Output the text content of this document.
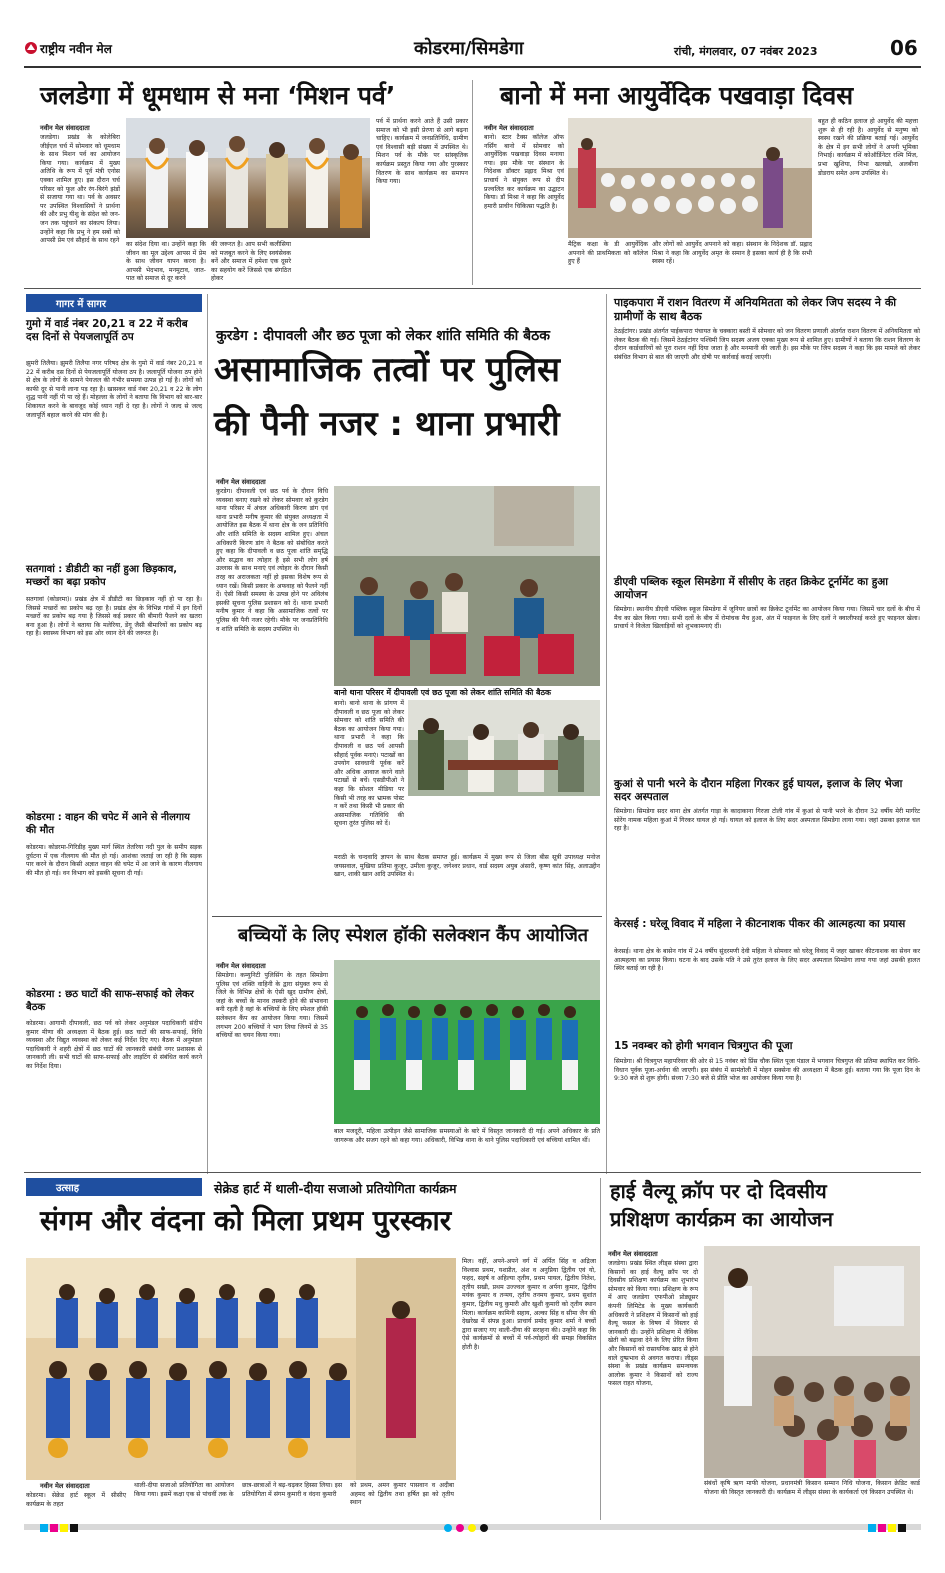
राष्ट्रीय नवीन मेल	कोडरमा/सिमडेगा	रांची, मंगलवार, 07 नवंबर 2023	06
जलडेगा में धूमधाम से मना ‘मिशन पर्व’
नवीन मेल संवाददाता
जलडेगा। प्रखंड के कोलेबिरा जीईएल चर्च में सोमवार को धूमधाम के साथ मिशन पर्व का आयोजन किया गया। कार्यक्रम में मुख्य अतिथि के रूप में पूर्व मंत्री एनोस एक्का शामिल हुए। इस दौरान चर्च परिसर को फूल और रंग-बिरंगे झंडों से सजाया गया था। पर्व के अवसर पर उपस्थित विश्वासियों ने प्रार्थना की और प्रभु यीशु के संदेश को जन-जन तक पहुंचाने का संकल्प लिया। उन्होंने कहा कि प्रभु ने हम सबों को आपसी प्रेम एवं सौहार्द के साथ रहने
का संदेश दिया था। उन्होंने कहा कि जीवन का मूल उद्देश्य आपस में प्रेम के साथ जीवन यापन करना है। आपसी भेदभाव, मनमुटाव, जात-पात को समाज से दूर करने
की जरूरत है। आप सभी कलीसिया को मजबूत करने के लिए स्वयंसेवक बनें और समाज में हमेशा एक दूसरे का सहयोग करें जिससे एक संगठित होकर
पर्व में प्रार्थना करने आते हैं उसी प्रकार समाज को भी इसी प्रेरणा से आगे बढ़ना चाहिए। कार्यक्रम में जनप्रतिनिधि, ग्रामीण एवं विश्वासी बड़ी संख्या में उपस्थित थे। मिशन पर्व के मौके पर सांस्कृतिक कार्यक्रम प्रस्तुत किया गया और पुरस्कार वितरण के साथ कार्यक्रम का समापन किया गया।
बानो में मना आयुर्वेदिक पखवाड़ा दिवस
नवीन मेल संवाददाता
बानो। स्टार टैक्स कॉलेज ऑफ नर्सिंग बानो में सोमवार को आयुर्वेदिक पखवाड़ा दिवस मनाया गया। इस मौके पर संस्थान के निदेशक डॉक्टर प्रह्लाद मिश्रा एवं प्राचार्य ने संयुक्त रूप से दीप प्रज्वलित कर कार्यक्रम का उद्घाटन किया। डॉ मिश्रा ने कहा कि आयुर्वेद हमारी प्राचीन चिकित्सा पद्धति है।
मैट्रिक कक्षा के डी आयुर्वेदिक अपनाने की प्राथमिकता को कॉलेज हुए हैं
और लोगों को आयुर्वेद अपनाने को कहा। संस्थान के निदेशक डॉ. प्रह्लाद मिश्रा ने कहा कि आयुर्वेद अमृत के समान है इसका कार्य ही है कि सभी स्वस्थ रहें।
बहुत ही कठिन इलाज हो आयुर्वेद की महत्ता शुरू से ही रही है। आयुर्वेद से मनुष्य को स्वस्थ रखने की प्रक्रिया बताई गई। आयुर्वेद के क्षेत्र में इन सभी लोगों ने अपनी भूमिका निभाई। कार्यक्रम में कोऑर्डिनेटर रश्मि मिंज, प्रभा खुशिया, निभा खलखो, अलबीना डोडराय समेत अन्य उपस्थित थे।
गागर में सागर
गुमो में वार्ड नंबर 20,21 व 22 में करीब दस दिनों से पेयजलापूर्ति ठप
झुमरी तिलैया। झुमरी तिलैया नगर परिषद क्षेत्र के गुमो में वार्ड नंबर 20,21 व 22 में करीब दस दिनों से पेयजलापूर्ति योजना ठप है। जलापूर्ति योजना ठप होने से क्षेत्र के लोगों के सामने पेयजल की गंभीर समस्या उत्पन्न हो गई है। लोगों को काफी दूर से पानी लाना पड़ रहा है। खासकर वार्ड नंबर 20,21 व 22 के लोग शुद्ध पानी नहीं पी पा रहे हैं। मोहल्ला के लोगों ने बताया कि विभाग को बार-बार शिकायत करने के बावजूद कोई ध्यान नहीं दे रहा है। लोगों ने जल्द से जल्द जलापूर्ति बहाल करने की मांग की है।
सतगावां : डीडीटी का नहीं हुआ छिड़काव, मच्छरों का बढ़ा प्रकोप
सतगावां (कोडरमा)। प्रखंड क्षेत्र में डीडीटी का छिड़काव नहीं हो पा रहा है। जिससे मच्छरों का प्रकोप बढ़ रहा है। प्रखंड क्षेत्र के विभिन्न गांवों में इन दिनों मच्छरों का प्रकोप बढ़ गया है जिससे कई प्रकार की बीमारी फैलने का खतरा बना हुआ है। लोगों ने बताया कि मलेरिया, डेंगू जैसी बीमारियों का प्रकोप बढ़ रहा है। स्वास्थ्य विभाग को इस ओर ध्यान देने की जरूरत है।
कोडरमा : वाहन की चपेट में आने से नीलगाय की मौत
कोडरमा। कोडरमा-गिरिडीह मुख्य मार्ग स्थित तेतरिया नदी पुल के समीप सड़क दुर्घटना में एक नीलगाय की मौत हो गई। आशंका जताई जा रही है कि सड़क पार करने के दौरान किसी अज्ञात वाहन की चपेट में आ जाने के कारण नीलगाय की मौत हो गई। वन विभाग को इसकी सूचना दी गई।
कोडरमा : छठ घाटों की साफ-सफाई को लेकर बैठक
कोडरमा। आगामी दीपावली, छठ पर्व को लेकर अनुमंडल पदाधिकारी संदीप कुमार मीणा की अध्यक्षता में बैठक हुई। छठ घाटों की साफ-सफाई, विधि व्यवस्था और विद्युत व्यवस्था को लेकर कई निर्देश दिए गए। बैठक में अनुमंडल पदाधिकारी ने शहरी क्षेत्रों में छठ घाटों की जानकारी संबंधी नगर प्रशासक से जानकारी ली। सभी घाटों की साफ-सफाई और लाइटिंग से संबंधित कार्य करने का निर्देश दिया।
कुरडेग : दीपावली और छठ पूजा को लेकर शांति समिति की बैठक
असामाजिक तत्वों पर पुलिस
की पैनी नजर : थाना प्रभारी
नवीन मेल संवाददाता
कुरडेग। दीपावली एवं छठ पर्व के दौरान विधि व्यवस्था बनाए रखने को लेकर सोमवार को कुरडेग थाना परिसर में अंचल अधिकारी किरण डांग एवं थाना प्रभारी मनीष कुमार की संयुक्त अध्यक्षता में आयोजित इस बैठक में थाना क्षेत्र के जन प्रतिनिधि और शांति समिति के सदस्य शामिल हुए। अंचल अधिकारी किरण डांग ने बैठक को संबोधित करते हुए कहा कि दीपावली व छठ पूजा शांति समृद्धि और सद्भाव का त्योहार है इसे सभी लोग हर्ष उल्लास के साथ मनाएं एवं त्योहार के दौरान किसी तरह का अराजकता नहीं हो इसका विशेष रूप से ध्यान रखें। किसी प्रकार के अफवाह को फैलने नहीं दें। ऐसी किसी समस्या के उत्पन्न होने पर अविलंब इसकी सूचना पुलिस प्रशासन को दें। थाना प्रभारी मनीष कुमार ने कहा कि असामाजिक तत्वों पर पुलिस की पैनी नजर रहेगी। मौके पर जनप्रतिनिधि व शांति समिति के सदस्य उपस्थित थे।
बानो थाना परिसर में दीपावली एवं छठ पूजा को लेकर शांति समिति की बैठक
बानो। बानो थाना के प्रांगण में दीपावली व छठ पूजा को लेकर सोमवार को शांति समिति की बैठक का आयोजन किया गया। थाना प्रभारी ने कहा कि दीपावली व छठ पर्व आपसी सौहार्द पूर्वक मनाएं। पटाखों का उपयोग सावधानी पूर्वक करें और अधिक आवाज करने वाले पटाखों से बचें। एसडीपीओ ने कहा कि सोशल मीडिया पर किसी भी तरह का भ्रामक पोस्ट न करें तथा किसी भी प्रकार की असामाजिक गतिविधि की सूचना तुरंत पुलिस को दें।
मराठी के चन्दवादि ज्ञापन के साथ बैठक समाप्त हुई। कार्यक्रम में मुख्य रूप से जिला बीस सूत्री उपाध्यक्ष मनोज जयसवाल, मुखिया प्रतिमा कुजूर, उमीला कुजूर, जगेश्वर प्रधान, वार्ड सदस्य अयुब अंसारी, कृष्ण कांत सिंह, अलाउद्दीन खान, शाकी खान आदि उपस्थित थे।
बच्चियों के लिए स्पेशल हॉकी सलेक्शन कैंप आयोजित
नवीन मेल संवाददाता
सिमडेगा। कम्युनिटी पुलिसिंग के तहत सिमडेगा पुलिस एवं शक्ति वाहिनी के द्वारा संयुक्त रूप से जिले के विभिन्न क्षेत्रों के ऐसी खुद ग्रामीण क्षेत्रों, जहां के बच्चों के मानव तस्करी होने की संभावना बनी रहती है वहां के बच्चियों के लिए स्पेशल हॉकी सलेक्शन कैंप का आयोजन किया गया। जिसमें लगभग 200 बच्चियों ने भाग लिया जिनमें से 35 बच्चियों का चयन किया गया।
बाल मजदूरी, महिला उत्पीड़न जैसे सामाजिक समस्याओं के बारे में विस्तृत जानकारी दी गई। अपने अधिकार के प्रति जागरूक और सजग रहने को कहा गया। अधिकारी, विभिन्न थाना के थाने पुलिस पदाधिकारी एवं बच्चियां शामिल थीं।
पाइकपारा में राशन वितरण में अनियमितता को लेकर जिप सदस्य ने की ग्रामीणों के साथ बैठक
ठेठईटांगर। प्रखंड अंतर्गत पाईकपारा पंचायत के चक्कारा बस्ती में सोमवार को जन वितरण प्रणाली अंतर्गत राशन वितरण में अनियमितता को लेकर बैठक की गई। जिसमें ठेठईटांगर पश्चिमी जिप सदस्य अजय एक्का मुख्य रूप से शामिल हुए। ग्रामीणों ने बताया कि राशन वितरण के दौरान कार्डधारियों को पूरा राशन नहीं दिया जाता है और मनमानी की जाती है। इस मौके पर जिप सदस्य ने कहा कि इस मामले को लेकर संबंधित विभाग से बात की जाएगी और दोषी पर कार्रवाई कराई जाएगी।
डीएवी पब्लिक स्कूल सिमडेगा में सीसीए के तहत क्रिकेट टूर्नामेंट का हुआ आयोजन
सिमडेगा। स्थानीय डीएवी पब्लिक स्कूल सिमडेगा में जूनियर छात्रों का क्रिकेट टूर्नामेंट का आयोजन किया गया। जिसमें चार दलों के बीच में मैच का खेल किया गया। सभी दलों के बीच में रोमांचक मैच हुआ, अंत में फाइनल के लिए दलों ने क्वालीफाई करते हुए फाइनल खेला। प्राचार्य ने विजेता खिलाड़ियों को शुभकामनाएं दीं।
कुआं से पानी भरने के दौरान महिला गिरकर हुई घायल, इलाज के लिए भेजा सदर अस्पताल
सिमडेगा। सिमडेगा सदर थाना क्षेत्र अंतर्गत गाड़ा के कादाकाना गिरजा टोली गांव में कुआं से पानी भरने के दौरान 32 वर्षीय मेरी मार्गरेट सोरेंग नामक महिला कुआं में गिरकर घायल हो गई। घायल को इलाज के लिए सदर अस्पताल सिमडेगा लाया गया। जहां उसका इलाज चल रहा है।
केरसई : घरेलू विवाद में महिला ने कीटनाशक पीकर की आत्महत्या का प्रयास
केरसई। थाना क्षेत्र के बासेन गांव में 24 वर्षीय सुंदरमणी देवी महिला ने सोमवार को घरेलू विवाद में जहर खाकर कीटनाशक का सेवन कर आत्महत्या का प्रयास किया। घटना के बाद उसके पति ने उसे तुरंत इलाज के लिए सदर अस्पताल सिमडेगा लाया गया जहां उसकी हालत स्थिर बताई जा रही है।
15 नवम्बर को होगी भगवान चित्रगुप्त की पूजा
सिमडेगा। श्री चित्रगुप्त महापरिवार की ओर से 15 नवंबर को प्रिंस चौक स्थित पूजा पंडाल में भगवान चित्रगुप्त की प्रतिमा स्थापित कर विधि-विधान पूर्वक पूजा-अर्चना की जाएगी। इस संबंध में सामंतोली में मोहन सक्सेना की अध्यक्षता में बैठक हुई। बताया गया कि पूजा दिन के 9:30 बजे से शुरू होगी। संध्या 7:30 बजे से प्रीति भोज का आयोजन किया गया है।
उत्साह	सेक्रेड हार्ट में थाली-दीया सजाओ प्रतियोगिता कार्यक्रम
संगम और वंदना को मिला प्रथम पुरस्कार
नवीन मेल संवाददाता
कोडरमा। सेक्रेड हार्ट स्कूल में सीसीए कार्यक्रम के तहत
थाली-दीया सजाओ प्रतियोगिता का आयोजन किया गया। इसमें कक्षा एक से पांचवीं तक के
छात्र-छात्राओं ने बढ़-चढ़कर हिस्सा लिया। इस प्रतियोगिता में संगम कुमारी व वंदना कुमारी
को प्रथम, अमन कुमार पासवान व अदीबा अहमद को द्वितीय तथा हर्षित झा को तृतीय स्थान
मिल। वहीं, अपने-अपने वर्ग में अर्पित सिंह व अद्रिजा विश्वास प्रथम, यशप्रीत, अंश व अनुप्रिया द्वितीय एवं यो, फहद, सहर्ष व अहिल्या तृतीय, प्रथम पायल, द्वितीय नितेश, तृतीय सखी, प्रथम उज्ज्वल कुमार व अर्पना कुमार, द्वितीय मयंक कुमार व तन्मय, तृतीय तनमय कुमार, प्रथम सुशांत कुमार, द्वितीय मधु कुमारी और खुशी कुमारी को तृतीय स्थान मिला। कार्यक्रम कामिनी सहाय, अल्का सिंह व सीमा जैन की देखरेख में संपन्न हुआ। प्राचार्य प्रमोद कुमार शर्मा ने बच्चों द्वारा सजाए गए थाली-दीया की सराहना की। उन्होंने कहा कि ऐसे कार्यक्रमों से बच्चों में पर्व-त्योहारों की समझ विकसित होती है।
हाई वैल्यू क्रॉप पर दो दिवसीय
प्रशिक्षण कार्यक्रम का आयोजन
नवीन मेल संवाददाता
जलडेगा। प्रखंड स्थित लीड्स संस्था द्वारा किसानों का हाई वैल्यू क्रॉप पर दो दिवसीय प्रशिक्षण कार्यक्रम का शुभारंभ सोमवार को किया गया। प्रशिक्षण के रूप में आए जलडेगा एफपीओ प्रोड्यूसर कंपनी लिमिटेड के मुख्य कार्यकारी अधिकारी ने प्रशिक्षण में किसानों को हाई वैल्यू फसल के विषय में विस्तार से जानकारी दी। उन्होंने प्रशिक्षण में जैविक खेती को बढ़ावा देने के लिए प्रेरित किया और किसानों को रासायनिक खाद से होने वाले दुष्प्रभाव से अवगत कराया। लीड्स संस्था के प्रखंड कार्यक्रम समन्वयक आलोक कुमार ने किसानों को राज्य फसल राहत योजना,
संबंधों कृषि ऋण माफी योजना, प्रधानमंत्री किसान सम्मान निधि योजना, किसान क्रेडिट कार्ड योजना की विस्तृत जानकारी दी। कार्यक्रम में लीड्स संस्था के कार्यकर्ता एवं किसान उपस्थित थे।
